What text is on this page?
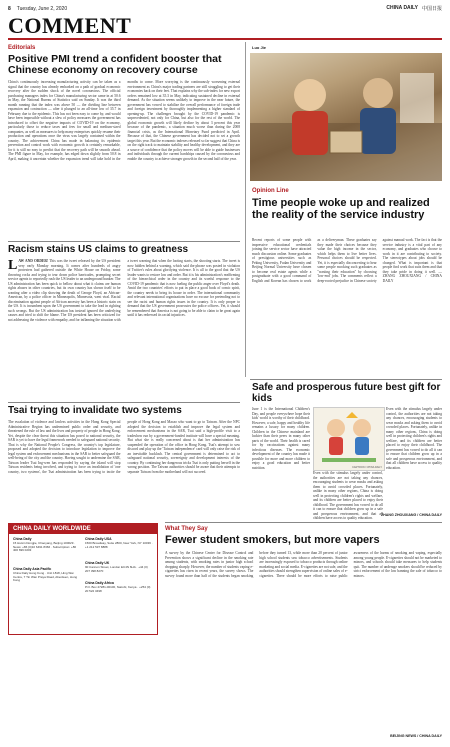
8 Tuesday, June 2, 2020	CHINA DAILY 中国日报
COMMENT
Editorials
Positive PMI trend a confident booster that Chinese economy on recovery course
China's continuously increasing manufacturing activity can be taken as a signal that the country has already embarked on a path of gradual economic recovery after the sudden shock of the novel coronavirus. The official purchasing managers index for China's manufacturing sector came in at 50.6 in May, the National Bureau of Statistics said on Sunday. It was the third month running that the index was above 50 — the dividing line between expansion and contraction — after it plunged to an all-time low of 35.7 in February due to the epidemic. This has not been easy to come by, and would have been impossible without a slew of policy measures the government has introduced to offset the negative impacts of COVID-19 on the economy, particularly those to reduce taxes and fees for small and medium-sized companies, as well as measures to help many enterprises quickly resume their production and operations once the virus was largely contained within the country. The achievement China has made in balancing its epidemic prevention and control work with economic growth is certainly remarkable, for it is still no easy to predict that the recovery path will be smooth ahead. The PMI figure in May, for example, has edged down slightly from 50.8 in April, making it uncertain whether the expansion trend will take hold in the months to come. More worrying is the continuously worsening external environment as China's major trading partners are still struggling to get their economies back on their feet. That explains why the sub-index for new export orders remained low at 35.3 in May, indicating sustained decline in external demand. As the situation seems unlikely to improve in the near future, the government has vowed to stabilize the overall performance of foreign trade and foreign investment by thoroughly implementing a higher standard of opening-up. The challenges brought by the COVID-19 pandemic is unprecedented, not only for China, but also for the rest of the world. The global economic growth will likely decline by about 3 percent this year because of the pandemic, a situation much worse than during the 2008 financial crisis, as the International Monetary Fund predicted in April. Because of that, the Chinese government has decided not to set a growth target this year. But the economic indexes released so far suggest that China is on the right track to maintain stability and healthy development, and they are a source of confidence that the policy moves will be able to guide businesses and individuals through the current hardships caused by the coronavirus and enable the country to achieve stronger growth in the second half of the year.
Racism stains US claims to greatness
LAW AND ORDER! This was the tweet released by the US president very early Monday morning. It comes after hundreds of angry protesters had gathered outside the White House on Friday, some throwing rocks and trying to tear down police barricades, prompting secret service agents to reportedly rush the US leader to an underground bunker. The US administration has been quick to bellow about what it claims are human rights abuses in other countries, but its own country has shown itself to be wanting after a video clip showing the death of George Floyd, an African-American, by a police officer in Minneapolis, Minnesota, went viral. Racial discrimination against people of African ancestry has been a historic stain on the US. It is incumbent upon the US government to take the lead in righting such wrongs. But the US administration has instead ignored the underlying causes and tried to shift the blame. The US president has been criticized for not addressing the violence with empathy, and for inflaming the situation with a tweet warning that when the looting starts, the shooting starts. The tweet is now hidden behind a warning, which said the phrase was posted in violation of Twitter's rules about glorifying violence. It is all to the good that the US leader wants to restore law and order. But it is his administration's reaffirming of the hierarchical order in the country and its woeful response to the COVID-19 pandemic that is now fueling the public anger over Floyd's death. Amid the two countries' efforts to put in place a good book of comic spirit, the country needs to bring its house in order. The international community and relevant international organizations have no excuse for pretending not to see the racist and human rights issues in the country. It is only proper to demand that the US government prosecutes the police officers. Yet, it should be remembered that America is not going to be able to claim to be great again until it has redressed its racial injustices.
Tsai trying to invalidate two systems
The escalation of violence and lawless activities in the Hong Kong Special Administrative Region has undermined public order and security, and threatened the rule of law and the lives and property of people in Hong Kong. Yet, despite the clear threat this situation has posed to national security, the SAR is yet to have the legal framework needed to safeguard national security. That is why the National People's Congress, the country's top legislature, proposed and adopted the decision to introduce legislation to improve the legal system and enforcement mechanisms in the SAR to better safeguard the well-being of the city and the country. Having sought to undermine the SAR, Taiwan leader Tsai Ing-wen has responded by saying the island will stop Taiwan residents being involved, and trying to force an invalidation of 'one country, two systems', the Tsai administration has been trying to incite the people of Hong Kong and Macao who want to go to Taiwan. After the NPC adopted the decision to establish and improve the legal system and enforcement mechanisms in the SAR, Tsai said a high-profile visit to a tradeshow run by a government-funded institute will have a special meaning. But what she is really concerned about is that her administration has suspended the operation of the office in Hong Kong. Tsai's attempt to sow discord and play up the 'Taiwan independence' card will only raise the risk of an inevitable backlash. The central government is determined to act to safeguard national security, sovereignty and development interests of the country. By continuing her dangerous tricks Tsai is only putting herself in the wrong position. The Taiwan authorities should be aware that their attempts to separate Taiwan from the motherland will not succeed.
CHINA DAILY WORLDWIDE
China Daily
15 Huixin Dongjie, Chaoyang, Beijing 100029 · News: +86 (0)10 6491 8366 · Subscription: +86 400 699 0203
China Daily USA
1500 Broadway, Suite 2800, New York, NY 10036 · +1 212 537 8888
China Daily Asia Pacific
China Daily Hong Kong · Unit 1818, Hing Wai Centre, 7 Tin Wan Praya Road, Aberdeen, Hong Kong
China Daily UK
90 Cannon Street, London EC4N 6HA · +44 (0) 207 398 8270
China Daily Africa
P.O. Box 27281-00100, Nairobi, Kenya · +254 (0) 20 522 3498
Luo Jie
Opinion Line
Time people woke up and realized the reality of the service industry
Recent reports of some people with impressive educational credentials joining the service sector have attracted much discussion online. Some graduates of prestigious universities such as Peking University, Fudan University and Beijing Normal University have chosen to become real estate agents while a postgraduate with a good command of English and Korean has chosen to work as a deliveryman. These graduates say they made their choices because they value the high income in the sector, which helps them to live better lives. Personal choices should be respected. Yet, it is especially disconcerting to hear some people mocking such graduates as "wasting their education" by choosing 'low-end' jobs. The comments reflect a deep-rooted prejudice in Chinese society against manual work. The fact is that the service industry is a vital part of any economy, and graduates who choose to work in it are contributing to society. The stereotypes about jobs should be changed. What is important is that people find work that suits them and that they take pride in doing it well. — ZHANG ZHOUXIANG / CHINA DAILY
Safe and prosperous future best gift for kids
June 1 is the International Children's Day, and people everywhere hope their kids' world is worthy of their childhood. However, a safe, happy and healthy life remains a luxury for many children. Children in the Chinese mainland are luckier than their peers in many other parts of the world. Their health is cared for by vaccinations against many infectious diseases. The economic development of the country has made it possible for more and more children to enjoy a good education and better nutrition.	CARTOON / CHINA DAILY
Even with the stimulus largely under control, the authorities are not taking any chances, encouraging students to wear masks and asking them to avoid crowded places. Fortunately, unlike in many other regions, China is doing well in protecting children's rights and welfare, and its children are better placed to enjoy their childhood. The government has vowed to do all it can to ensure that children grow up in a safe and prosperous environment, and that all children have access to quality education.
Even with the stimulus largely under control, the authorities are not taking any chances, encouraging students to wear masks and asking them to avoid crowded places. Fortunately, unlike in many other regions, China is doing well in protecting children's rights and welfare, and its children are better placed to enjoy their childhood. The government has vowed to do all it can to ensure that children grow up in a safe and prosperous environment, and that all children have access to quality education.
ZHANG ZHOUXIANG / CHINA DAILY
What They Say
Fewer student smokers, but more vapers
A survey by the Chinese Center for Disease Control and Prevention shows a significant decline in the smoking rate among students, with smoking rates in junior high school dropping sharply. However, the number of students vaping e-cigarettes has risen in recent years, the survey shows. The survey found more than half of the students began smoking before they turned 13, while more than 20 percent of junior high school students saw tobacco advertisements. Students are increasingly exposed to tobacco products through online marketing and social media. E-cigarettes are not safe, and the authorities should strengthen supervision of online sales of e-cigarettes. There should be more efforts to raise public awareness of the harms of smoking and vaping, especially among young people. E-cigarettes should not be marketed to minors, and schools should take measures to help students quit. The number of underage smokers should be reduced by strict enforcement of the law banning the sale of tobacco to minors.
BEIJING NEWS / CHINA DAILY
